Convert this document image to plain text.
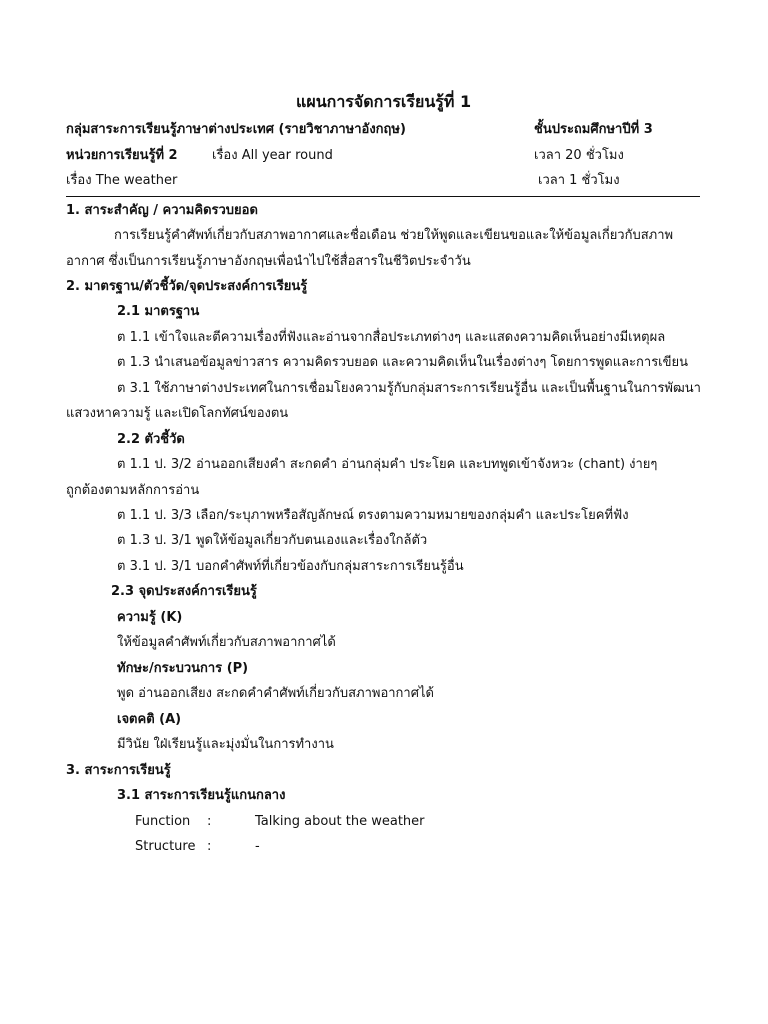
แผนการจัดการเรียนรู้ที่ 1
กลุ่มสาระการเรียนรู้ภาษาต่างประเทศ (รายวิชาภาษาอังกฤษ)	ชั้นประถมศึกษาปีที่ 3
หน่วยการเรียนรู้ที่ 2	เรื่อง All year round	เวลา 20 ชั่วโมง
เรื่อง The weather	เวลา 1 ชั่วโมง
1. สาระสำคัญ / ความคิดรวบยอด
การเรียนรู้คำศัพท์เกี่ยวกับสภาพอากาศและชื่อเดือน ช่วยให้พูดและเขียนขอและให้ข้อมูลเกี่ยวกับสภาพ
อากาศ ซึ่งเป็นการเรียนรู้ภาษาอังกฤษเพื่อนำไปใช้สื่อสารในชีวิตประจำวัน
2. มาตรฐาน/ตัวชี้วัด/จุดประสงค์การเรียนรู้
2.1 มาตรฐาน
ต 1.1 เข้าใจและตีความเรื่องที่ฟังและอ่านจากสื่อประเภทต่างๆ และแสดงความคิดเห็นอย่างมีเหตุผล
ต 1.3 นำเสนอข้อมูลข่าวสาร ความคิดรวบยอด และความคิดเห็นในเรื่องต่างๆ โดยการพูดและการเขียน
ต 3.1 ใช้ภาษาต่างประเทศในการเชื่อมโยงความรู้กับกลุ่มสาระการเรียนรู้อื่น และเป็นพื้นฐานในการพัฒนา
แสวงหาความรู้ และเปิดโลกทัศน์ของตน
2.2 ตัวชี้วัด
ต 1.1 ป. 3/2 อ่านออกเสียงคำ สะกดคำ อ่านกลุ่มคำ ประโยค และบทพูดเข้าจังหวะ (chant) ง่ายๆ
ถูกต้องตามหลักการอ่าน
ต 1.1 ป. 3/3 เลือก/ระบุภาพหรือสัญลักษณ์ ตรงตามความหมายของกลุ่มคำ และประโยคที่ฟัง
ต 1.3 ป. 3/1 พูดให้ข้อมูลเกี่ยวกับตนเองและเรื่องใกล้ตัว
ต 3.1 ป. 3/1 บอกคำศัพท์ที่เกี่ยวข้องกับกลุ่มสาระการเรียนรู้อื่น
2.3 จุดประสงค์การเรียนรู้
ความรู้ (K)
ให้ข้อมูลคำศัพท์เกี่ยวกับสภาพอากาศได้
ทักษะ/กระบวนการ (P)
พูด อ่านออกเสียง สะกดคำคำศัพท์เกี่ยวกับสภาพอากาศได้
เจตคติ (A)
มีวินัย ใฝ่เรียนรู้และมุ่งมั่นในการทำงาน
3. สาระการเรียนรู้
3.1 สาระการเรียนรู้แกนกลาง
Function :	Talking about the weather
Structure :	-
